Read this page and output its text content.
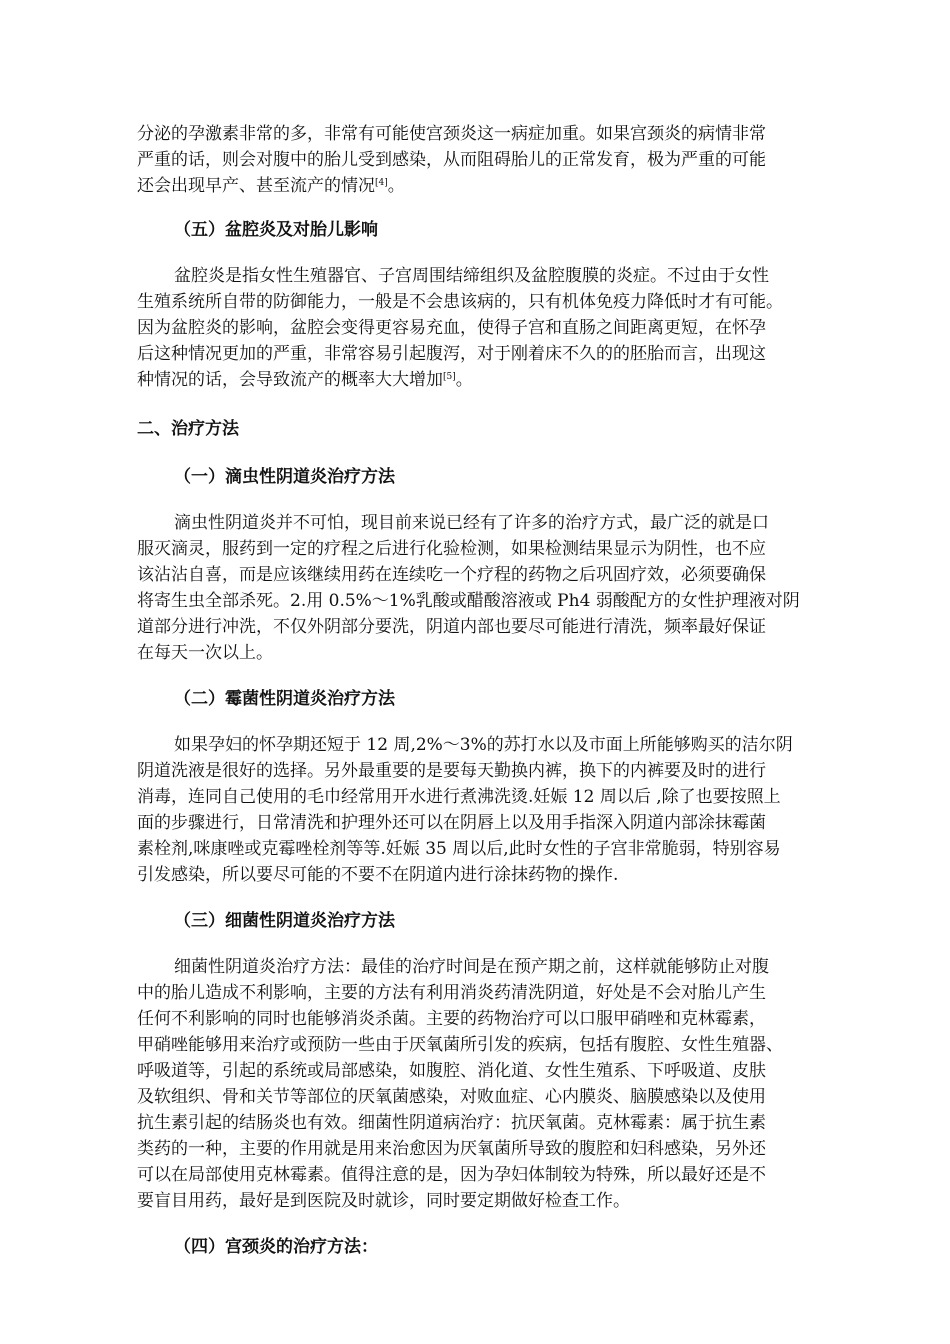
分泌的孕激素非常的多，非常有可能使宫颈炎这一病症加重。如果宫颈炎的病情非常
严重的话，则会对腹中的胎儿受到感染，从而阻碍胎儿的正常发育，极为严重的可能
还会出现早产、甚至流产的情况[4]。

（五）盆腔炎及对胎儿影响

盆腔炎是指女性生殖器官、子宫周围结缔组织及盆腔腹膜的炎症。不过由于女性
生殖系统所自带的防御能力，一般是不会患该病的，只有机体免疫力降低时才有可能。
因为盆腔炎的影响，盆腔会变得更容易充血，使得子宫和直肠之间距离更短，在怀孕
后这种情况更加的严重，非常容易引起腹泻，对于刚着床不久的的胚胎而言，出现这
种情况的话，会导致流产的概率大大增加[5]。

二、治疗方法
（一）滴虫性阴道炎治疗方法

滴虫性阴道炎并不可怕，现目前来说已经有了许多的治疗方式，最广泛的就是口
服灭滴灵，服药到一定的疗程之后进行化验检测，如果检测结果显示为阴性，也不应
该沾沾自喜，而是应该继续用药在连续吃一个疗程的药物之后巩固疗效，必须要确保
将寄生虫全部杀死。2.用 0.5%～1%乳酸或醋酸溶液或 Ph4 弱酸配方的女性护理液对阴
道部分进行冲洗，不仅外阴部分要洗，阴道内部也要尽可能进行清洗，频率最好保证
在每天一次以上。

（二）霉菌性阴道炎治疗方法

如果孕妇的怀孕期还短于 12 周,2%～3%的苏打水以及市面上所能够购买的洁尔阴
阴道洗液是很好的选择。另外最重要的是要每天勤换内裤，换下的内裤要及时的进行
消毒，连同自己使用的毛巾经常用开水进行煮沸洗烫.妊娠 12 周以后 ,除了也要按照上
面的步骤进行，日常清洗和护理外还可以在阴唇上以及用手指深入阴道内部涂抹霉菌
素栓剂,咪康唑或克霉唑栓剂等等.妊娠 35 周以后,此时女性的子宫非常脆弱，特别容易
引发感染，所以要尽可能的不要不在阴道内进行涂抹药物的操作.

（三）细菌性阴道炎治疗方法

细菌性阴道炎治疗方法：最佳的治疗时间是在预产期之前，这样就能够防止对腹
中的胎儿造成不利影响，主要的方法有利用消炎药清洗阴道，好处是不会对胎儿产生
任何不利影响的同时也能够消炎杀菌。主要的药物治疗可以口服甲硝唑和克林霉素，
甲硝唑能够用来治疗或预防一些由于厌氧菌所引发的疾病，包括有腹腔、女性生殖器、
呼吸道等，引起的系统或局部感染，如腹腔、消化道、女性生殖系、下呼吸道、皮肤
及软组织、骨和关节等部位的厌氧菌感染，对败血症、心内膜炎、脑膜感染以及使用
抗生素引起的结肠炎也有效。细菌性阴道病治疗：抗厌氧菌。克林霉素：属于抗生素
类药的一种，主要的作用就是用来治愈因为厌氧菌所导致的腹腔和妇科感染，另外还
可以在局部使用克林霉素。值得注意的是，因为孕妇体制较为特殊，所以最好还是不
要盲目用药，最好是到医院及时就诊，同时要定期做好检查工作。

（四）宫颈炎的治疗方法：
